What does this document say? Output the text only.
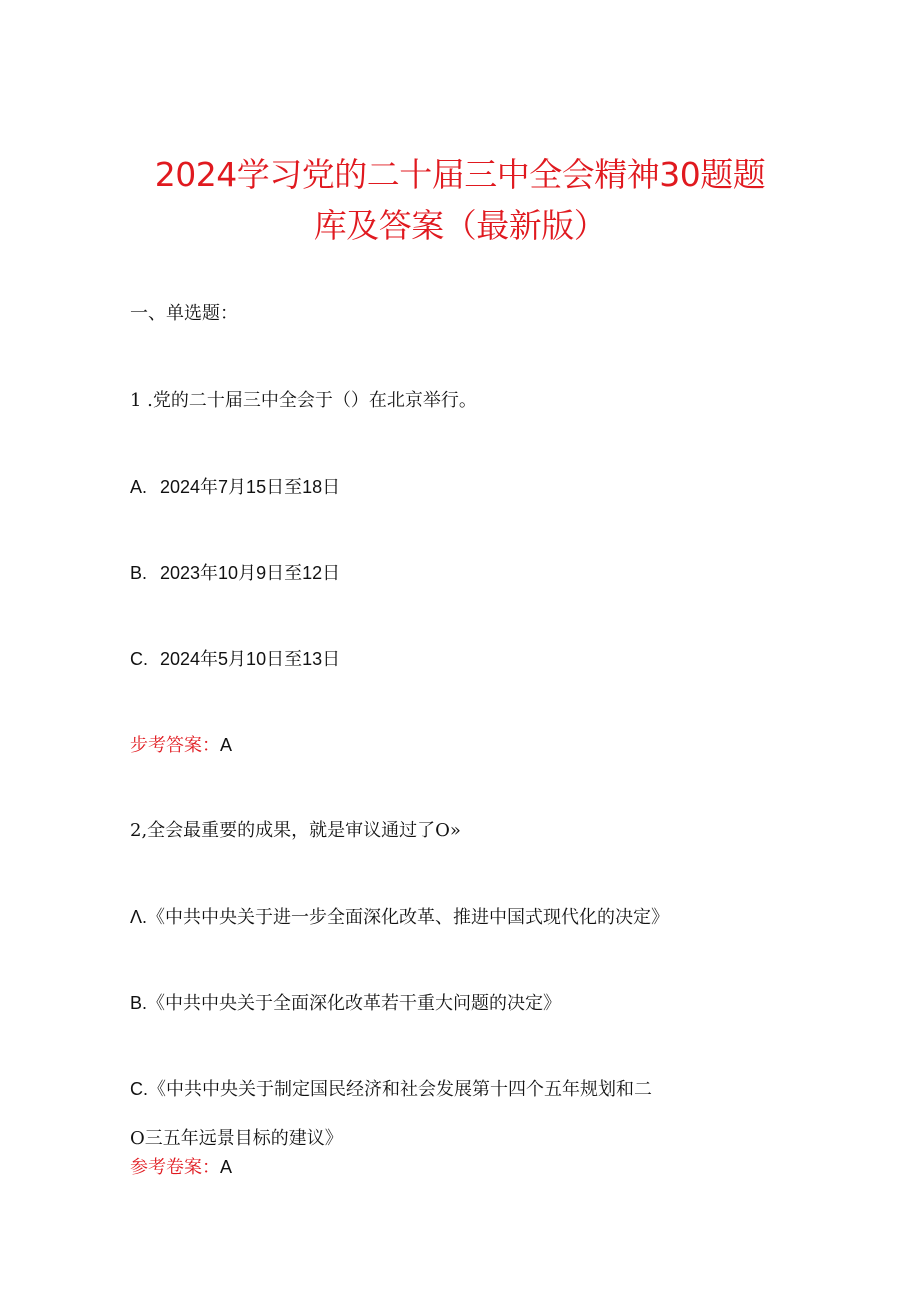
2024学习党的二十届三中全会精神30题题
库及答案（最新版）
一、单选题：
1 .党的二十届三中全会于（）在北京举行。
A. 2024年7月15日至18日
B. 2023年10月9日至12日
C. 2024年5月10日至13日
步考答案：A
2,全会最重要的成果，就是审议通过了O»
Λ.《中共中央关于进一步全面深化改革、推进中国式现代化的决定》
B.《中共中央关于全面深化改革若干重大问题的决定》
C.《中共中央关于制定国民经济和社会发展第十四个五年规划和二
O三五年远景目标的建议》
参考卷案：A
